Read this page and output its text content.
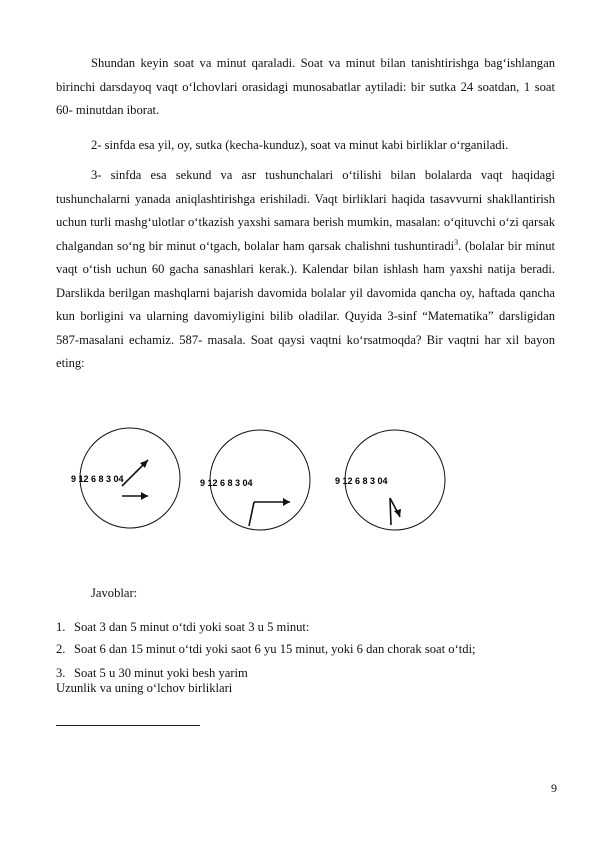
Shundan keyin soat va minut qaraladi. Soat va minut bilan tanishtirishga bag‘ishlangan birinchi darsdayoq vaqt o‘lchovlari orasidagi munosabatlar aytiladi: bir sutka 24 soatdan, 1 soat 60- minutdan iborat.

2- sinfda esa yil, oy, sutka (kecha-kunduz), soat va minut kabi birliklar o‘rganiladi.

3- sinfda esa sekund va asr tushunchalari o‘tilishi bilan bolalarda vaqt haqidagi tushunchalarni yanada aniqlashtirishga erishiladi. Vaqt birliklari haqida tasavvurni shakllantirish uchun turli mashg‘ulotlar o‘tkazish yaxshi samara berish mumkin, masalan: o‘qituvchi o‘zi qarsak chalgandan so‘ng bir minut o‘tgach, bolalar ham qarsak chalishni tushuntiradi$^3$. (bolalar bir minut vaqt o‘tish uchun 60 gacha sanashlari kerak.). Kalendar bilan ishlash ham yaxshi natija beradi. Darslikda berilgan mashqlarni bajarish davomida bolalar yil davomida qancha oy, haftada qancha kun borligini va ularning davomiyligini bilib oladilar. Quyida 3-sinf “Matematika” darsligidan 587-masalani echamiz. 587- masala. Soat qaysi vaqtni ko‘rsatmoqda? Bir vaqtni har xil bayon eting:

9 12 6 8 3 04	9 12 6 8 3 04	9 12 6 8 3 04
Javoblar:
1. Soat 3 dan 5 minut o‘tdi yoki soat 3 u 5 minut:
2. Soat 6 dan 15 minut o‘tdi yoki saot 6 yu 15 minut, yoki 6 dan chorak soat o‘tdi;
3. Soat 5 u 30 minut yoki besh yarim
Uzunlik va uning o‘lchov birliklari
9
